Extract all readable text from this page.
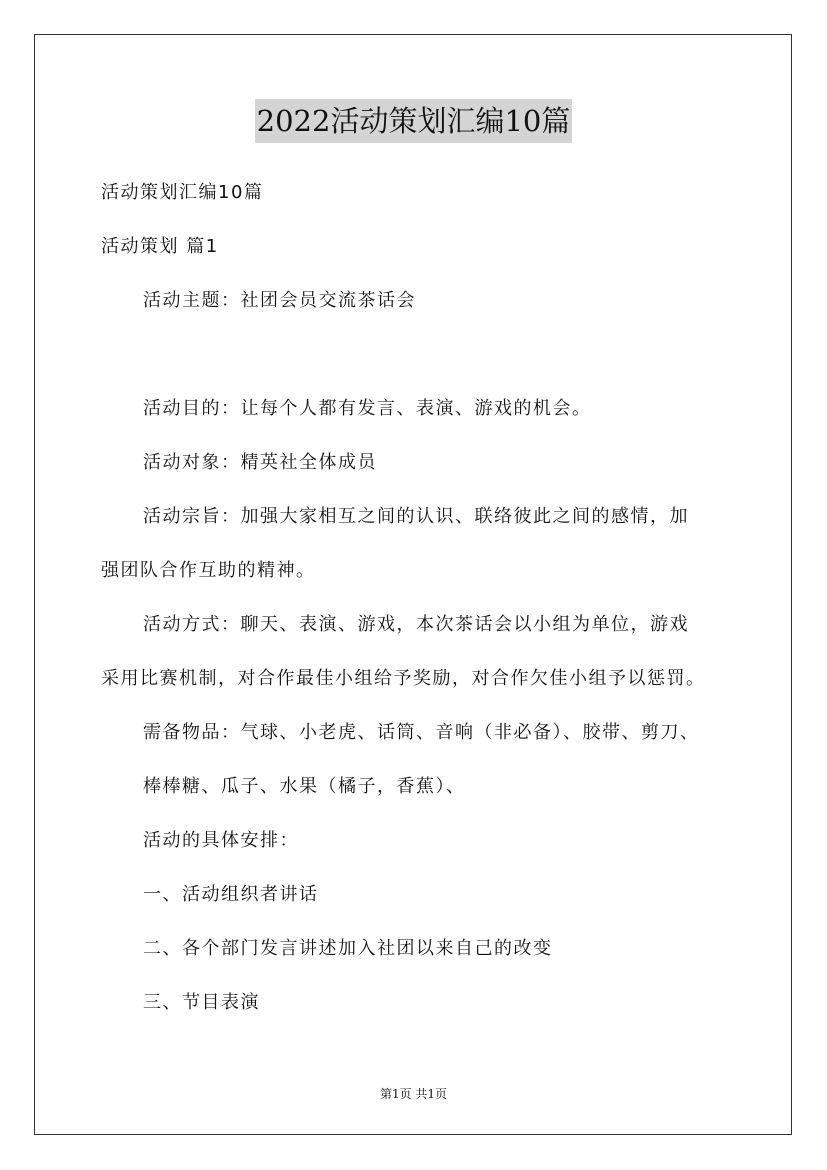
2022活动策划汇编10篇
活动策划汇编10篇
活动策划 篇1
活动主题：社团会员交流茶话会
活动目的：让每个人都有发言、表演、游戏的机会。
活动对象：精英社全体成员
活动宗旨：加强大家相互之间的认识、联络彼此之间的感情，加
强团队合作互助的精神。
活动方式：聊天、表演、游戏，本次茶话会以小组为单位，游戏
采用比赛机制，对合作最佳小组给予奖励，对合作欠佳小组予以惩罚。
需备物品：气球、小老虎、话筒、音响（非必备）、胶带、剪刀、
棒棒糖、瓜子、水果（橘子，香蕉）、
活动的具体安排：
一、活动组织者讲话
二、各个部门发言讲述加入社团以来自己的改变
三、节目表演
第1页 共1页
